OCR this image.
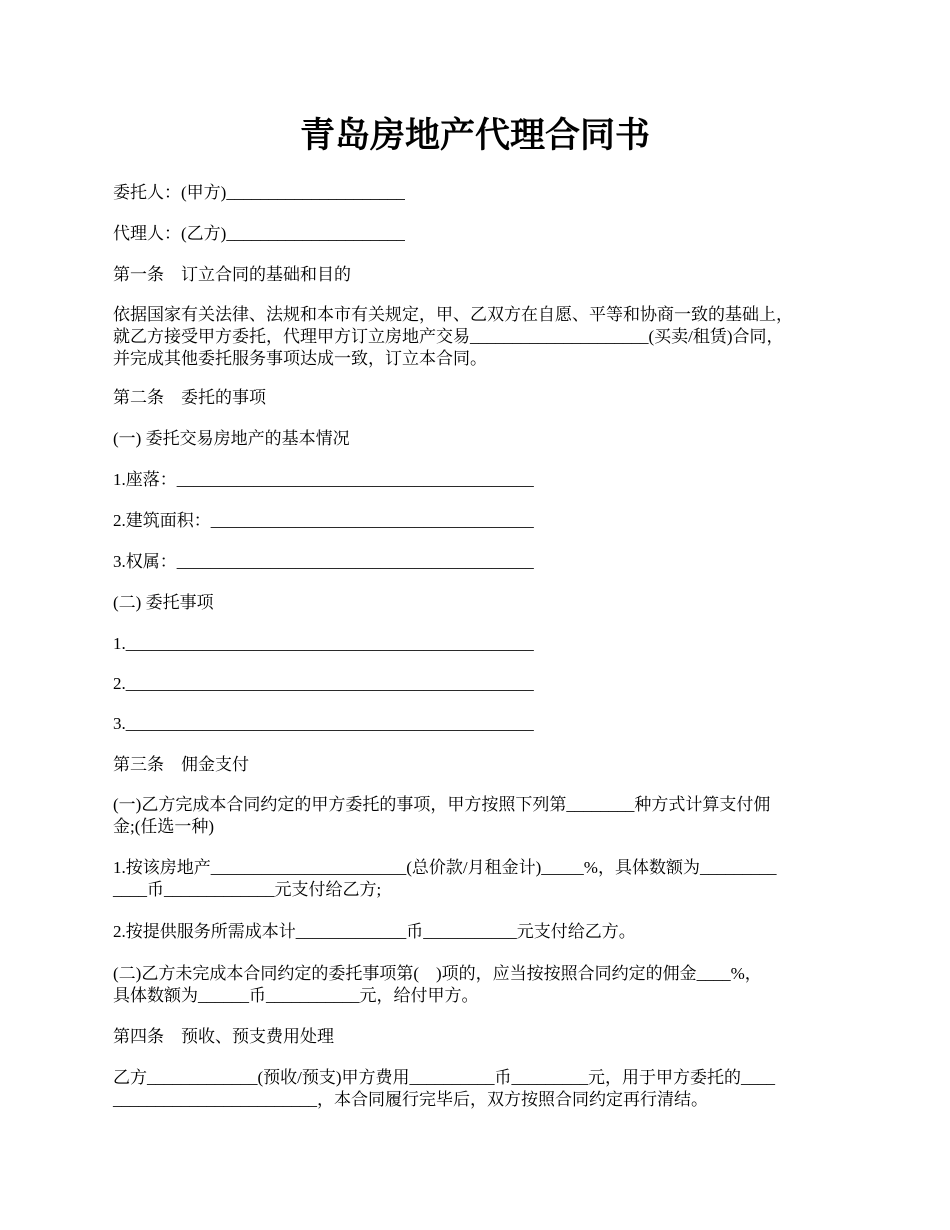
青岛房地产代理合同书

委托人：(甲方)_____________________

代理人：(乙方)_____________________

第一条　订立合同的基础和目的

依据国家有关法律、法规和本市有关规定，甲、乙双方在自愿、平等和协商一致的基础上，

就乙方接受甲方委托，代理甲方订立房地产交易_____________________(买卖/租赁)合同，

并完成其他委托服务事项达成一致，订立本合同。

第二条　委托的事项

(一) 委托交易房地产的基本情况

1.座落：__________________________________________

2.建筑面积：______________________________________

3.权属：__________________________________________

(二) 委托事项

1.________________________________________________

2.________________________________________________

3.________________________________________________

第三条　佣金支付

(一)乙方完成本合同约定的甲方委托的事项，甲方按照下列第________种方式计算支付佣

金;(任选一种)

1.按该房地产_______________________(总价款/月租金计)_____%，具体数额为_________

____币_____________元支付给乙方;

2.按提供服务所需成本计_____________币___________元支付给乙方。

(二)乙方未完成本合同约定的委托事项第(　)项的，应当按按照合同约定的佣金____%，

具体数额为______币___________元，给付甲方。

第四条　预收、预支费用处理

乙方_____________(预收/预支)甲方费用__________币_________元，用于甲方委托的____

________________________，本合同履行完毕后，双方按照合同约定再行清结。
